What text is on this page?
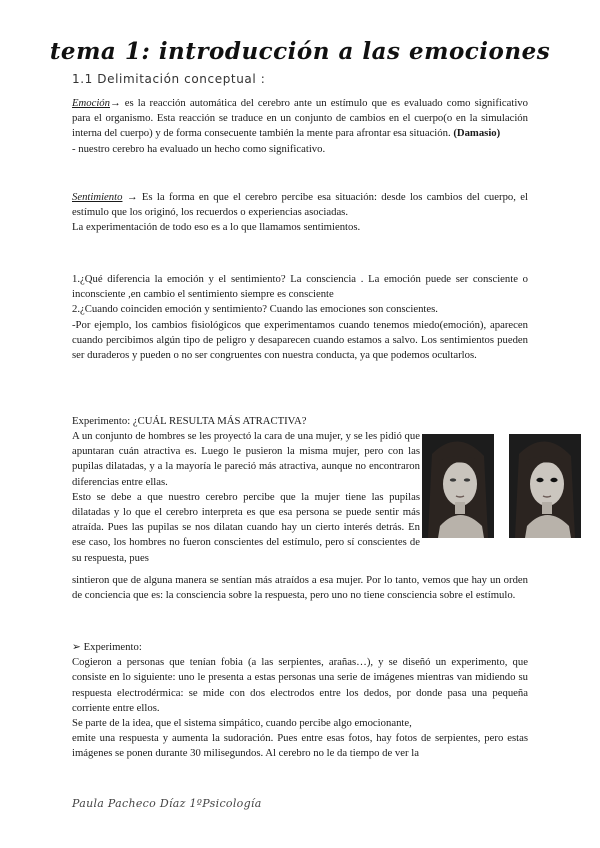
tema 1: introducción a las emociones
1.1 Delimitación conceptual :

Emoción→ es la reacción automática del cerebro ante un estímulo que es evaluado como significativo para el organismo. Esta reacción se traduce en un conjunto de cambios en el cuerpo(o en la simulación interna del cuerpo) y de forma consecuente también la mente para afrontar esa situación. (Damasio)

- nuestro cerebro ha evaluado un hecho como significativo.

Sentimiento → Es la forma en que el cerebro percibe esa situación: desde los cambios del cuerpo, el estímulo que los originó, los recuerdos o experiencias asociadas.

La experimentación de todo eso es a lo que llamamos sentimientos.

1.¿Qué diferencia la emoción y el sentimiento? La consciencia . La emoción puede ser consciente o inconsciente ,en cambio el sentimiento siempre es consciente

2.¿Cuando coinciden emoción y sentimiento? Cuando las emociones son conscientes.

-Por ejemplo, los cambios fisiológicos que experimentamos cuando tenemos miedo(emoción), aparecen cuando percibimos algún tipo de peligro y desaparecen cuando estamos a salvo. Los sentimientos pueden ser duraderos y pueden o no ser congruentes con nuestra conducta, ya que podemos ocultarlos.

Experimento: ¿CUÁL RESULTA MÁS ATRACTIVA?

A un conjunto de hombres se les proyectó la cara de una mujer, y se les pidió que apuntaran cuán atractiva es. Luego le pusieron la misma mujer, pero con las pupilas dilatadas, y a la mayoría le pareció más atractiva, aunque no encontraron diferencias entre ellas.

Esto se debe a que nuestro cerebro percibe que la mujer tiene las pupilas dilatadas y lo que el cerebro interpreta es que esa persona se puede sentir más atraída. Pues las pupilas se nos dilatan cuando hay un cierto interés detrás. En ese caso, los hombres no fueron conscientes del estímulo, pero sí conscientes de su respuesta, pues

sintieron que de alguna manera se sentían más atraídos a esa mujer. Por lo tanto, vemos que hay un orden de conciencia que es: la consciencia sobre la respuesta, pero uno no tiene consciencia sobre el estímulo.

➢ Experimento:

Cogieron a personas que tenían fobia (a las serpientes, arañas…), y se diseñó un experimento, que consiste en lo siguiente: uno le presenta a estas personas una serie de imágenes mientras van midiendo su respuesta electrodérmica: se mide con dos electrodos entre los dedos, por donde pasa una pequeña corriente entre ellos.

Se parte de la idea, que el sistema simpático, cuando percibe algo emocionante,

emite una respuesta y aumenta la sudoración. Pues entre esas fotos, hay fotos de serpientes, pero estas imágenes se ponen durante 30 milisegundos. Al cerebro no le da tiempo de ver la

Paula Pacheco Díaz 1ºPsicología
